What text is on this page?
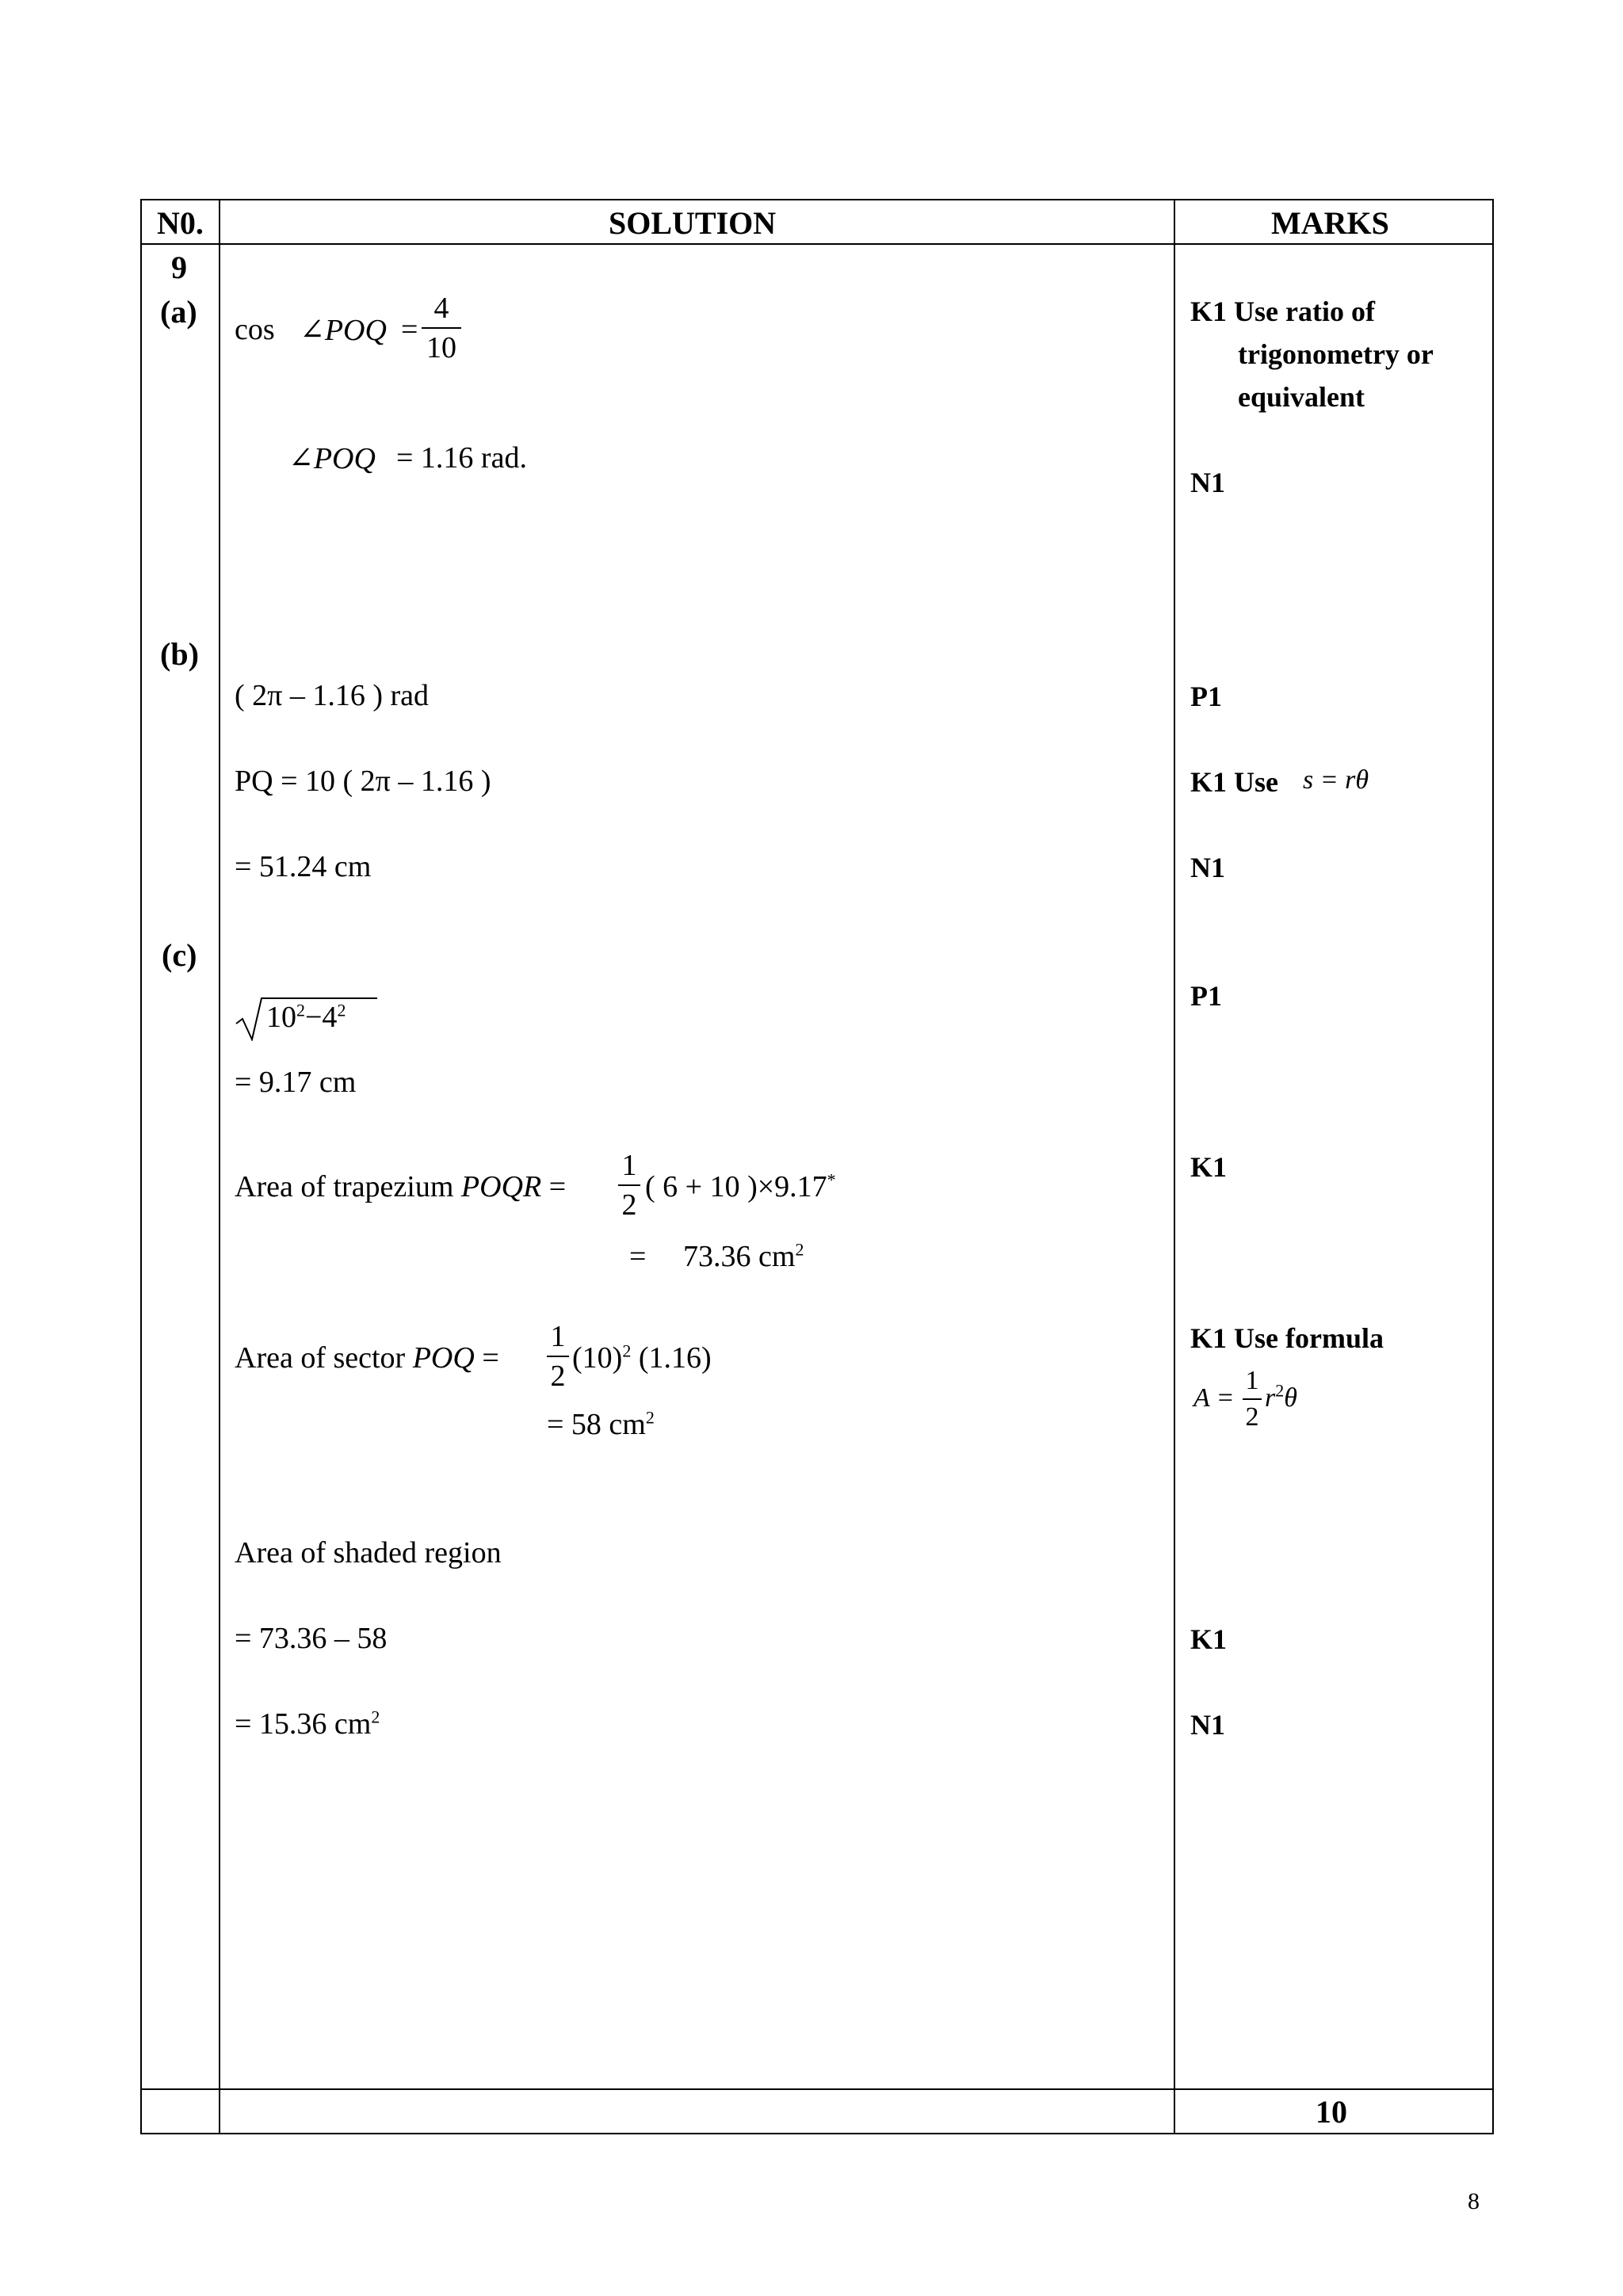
N0.	SOLUTION	MARKS
9
(a)
(b)
(c)
cos ∠POQ =
4
10
∠POQ = 1.16 rad.
( 2π – 1.16 ) rad
PQ = 10 ( 2π – 1.16 )
= 51.24 cm
$10^2-4^2$
= 9.17 cm
Area of trapezium POQR =
1
2
( 6 + 10 )×9.17*
= 73.36 $cm^2$
Area of sector POQ =
1
2
$(10)^2$ (1.16)
= 58 $cm^2$
Area of shaded region
= 73.36 – 58
= 15.36 $cm^2$
K1 Use ratio of
trigonometry or
equivalent
N1
P1
K1 Use s = rθ
N1
P1
K1
K1 Use formula
A =
1
2
$r^2\theta$
K1
N1
10
8
